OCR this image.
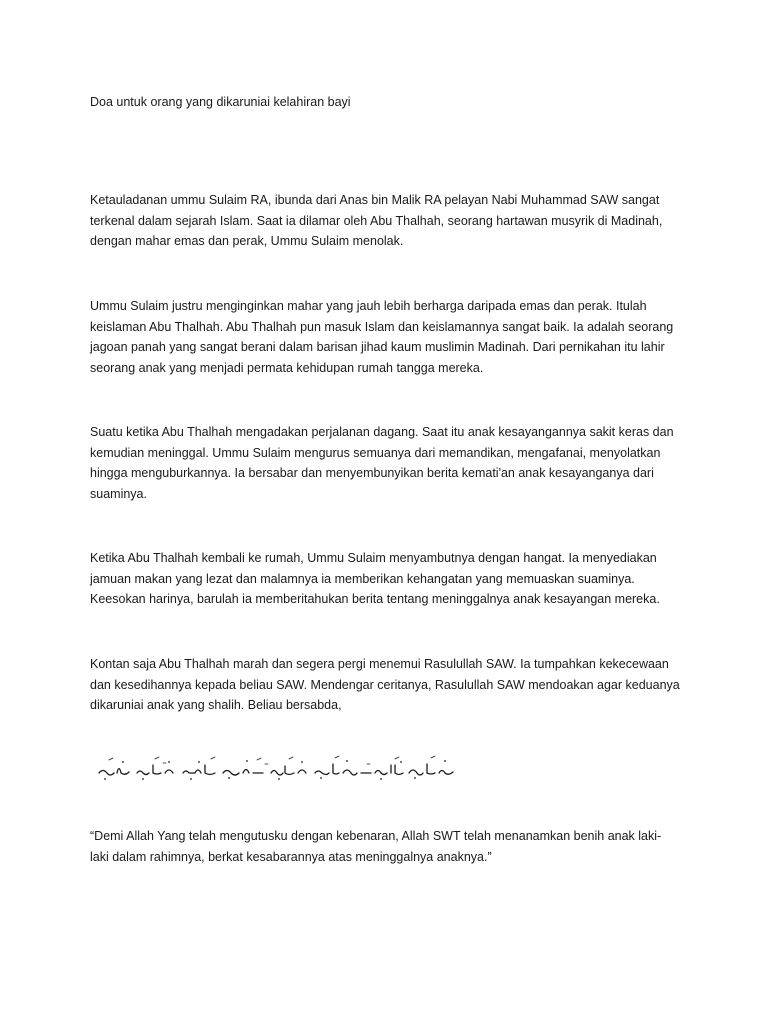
Doa untuk orang yang dikaruniai kelahiran bayi
Ketauladanan ummu Sulaim RA, ibunda dari Anas bin Malik RA pelayan Nabi Muhammad SAW sangat
terkenal dalam sejarah Islam. Saat ia dilamar oleh Abu Thalhah, seorang hartawan musyrik di Madinah,
dengan mahar emas dan perak, Ummu Sulaim menolak.
Ummu Sulaim justru menginginkan mahar yang jauh lebih berharga daripada emas dan perak. Itulah
keislaman Abu Thalhah. Abu Thalhah pun masuk Islam dan keislamannya sangat baik. Ia adalah seorang
jagoan panah yang sangat berani dalam barisan jihad kaum muslimin Madinah. Dari pernikahan itu lahir
seorang anak yang menjadi permata kehidupan rumah tangga mereka.
Suatu ketika Abu Thalhah mengadakan perjalanan dagang. Saat itu anak kesayangannya sakit keras dan
kemudian meninggal. Ummu Sulaim mengurus semuanya dari memandikan, mengafanai, menyolatkan
hingga menguburkannya. Ia bersabar dan menyembunyikan berita kemati'an anak kesayanganya dari
suaminya.
Ketika Abu Thalhah kembali ke rumah, Ummu Sulaim menyambutnya dengan hangat. Ia menyediakan
jamuan makan yang lezat dan malamnya ia memberikan kehangatan yang memuaskan suaminya.
Keesokan harinya, barulah ia memberitahukan berita tentang meninggalnya anak kesayangan mereka.
Kontan saja Abu Thalhah marah dan segera pergi menemui Rasulullah SAW. Ia tumpahkan kekecewaan
dan kesedihannya kepada beliau SAW. Mendengar ceritanya, Rasulullah SAW mendoakan agar keduanya
dikaruniai anak yang shalih. Beliau bersabda,
“Demi Allah Yang telah mengutusku dengan kebenaran, Allah SWT telah menanamkan benih anak laki-
laki dalam rahimnya, berkat kesabarannya atas meninggalnya anaknya.”
